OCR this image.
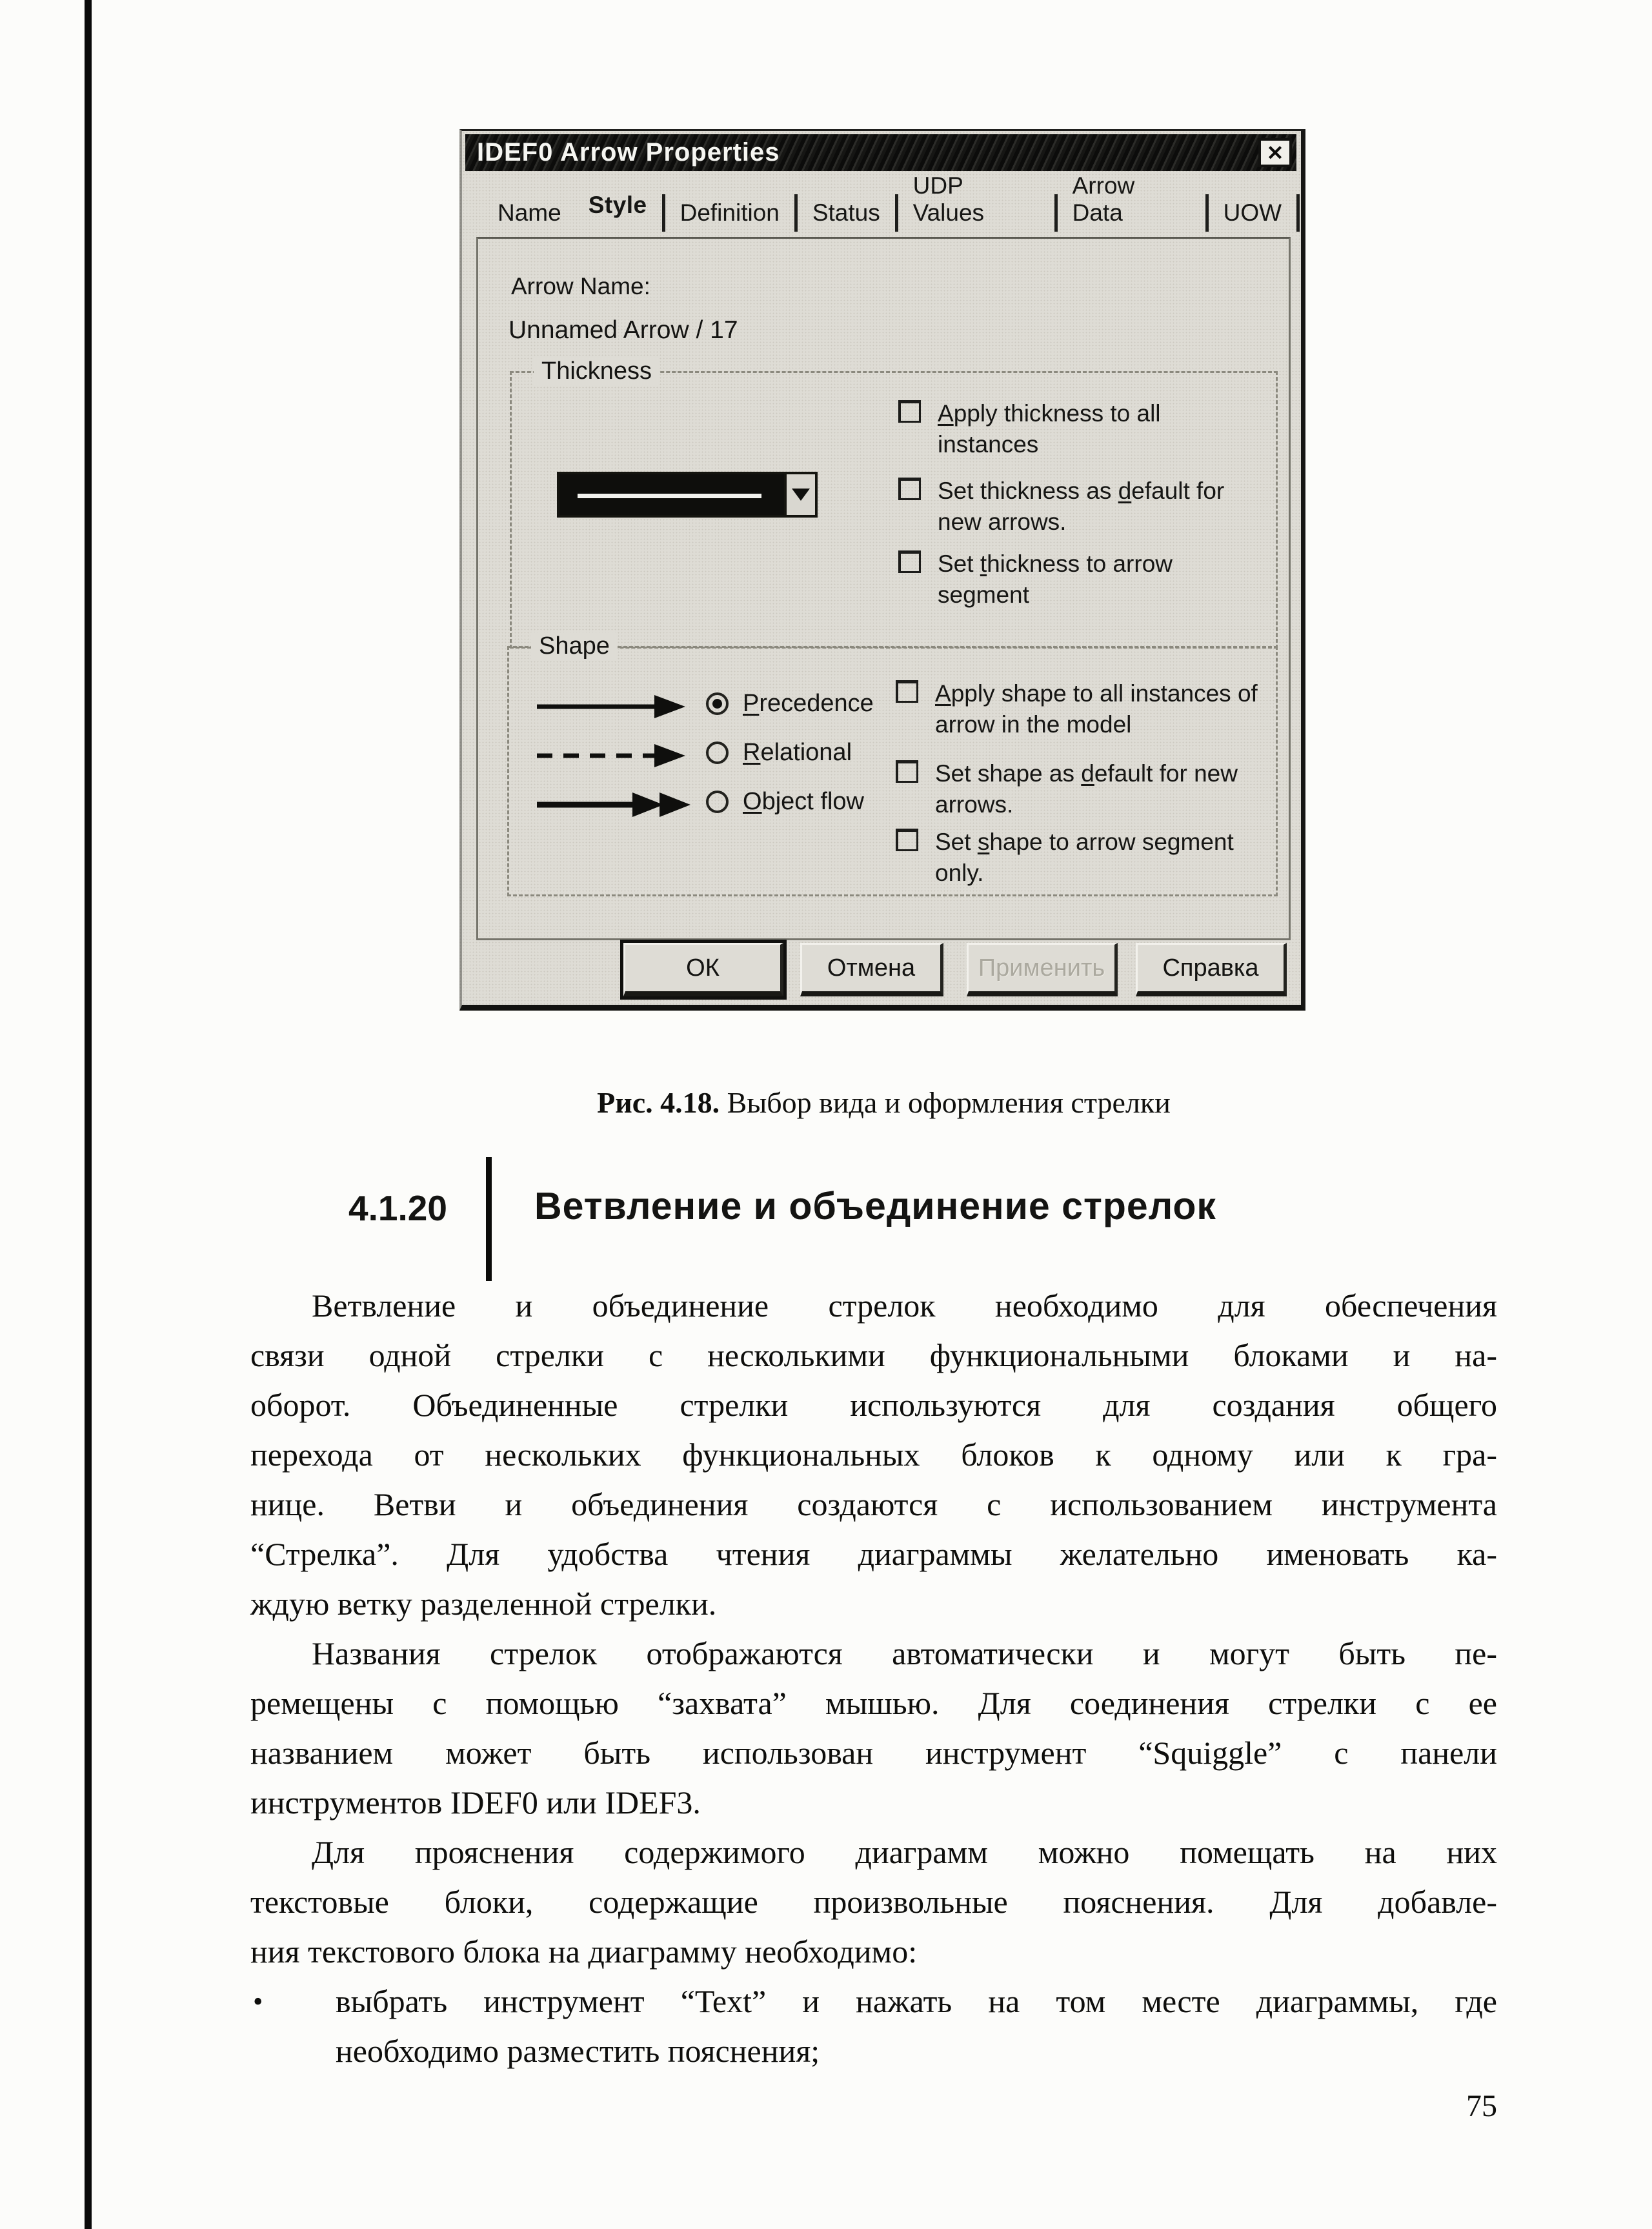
IDEF0 Arrow Properties	✕
Name	Style	Definition	Status
UDP Values
Arrow Data	UOW
Arrow Name:
Unnamed Arrow / 17
Thickness
Apply thickness to all instances
Set thickness as default for new arrows.
Set thickness to arrow segment
Shape
Precedence
Relational
Object flow
Apply shape to all instances of arrow in the model
Set shape as default for new arrows.
Set shape to arrow segment only.
ОК	Отмена	Применить	Справка
Рис. 4.18. Выбор вида и оформления стрелки
4.1.20 Ветвление и объединение стрелок
Ветвление и объединение стрелок необходимо для обеспечения
связи одной стрелки с несколькими функциональными блоками и на-
оборот. Объединенные стрелки используются для создания общего
перехода от нескольких функциональных блоков к одному или к гра-
нице. Ветви и объединения создаются с использованием инструмента
“Стрелка”. Для удобства чтения диаграммы желательно именовать ка-
ждую ветку разделенной стрелки.
Названия стрелок отображаются автоматически и могут быть пе-
ремещены с помощью “захвата” мышью. Для соединения стрелки с ее
названием может быть использован инструмент “Squiggle” с панели
инструментов IDEF0 или IDEF3.
Для прояснения содержимого диаграмм можно помещать на них
текстовые блоки, содержащие произвольные пояснения. Для добавле-
ния текстового блока на диаграмму необходимо:
• выбрать инструмент “Text” и нажать на том месте диаграммы, где
необходимо разместить пояснения;
75
